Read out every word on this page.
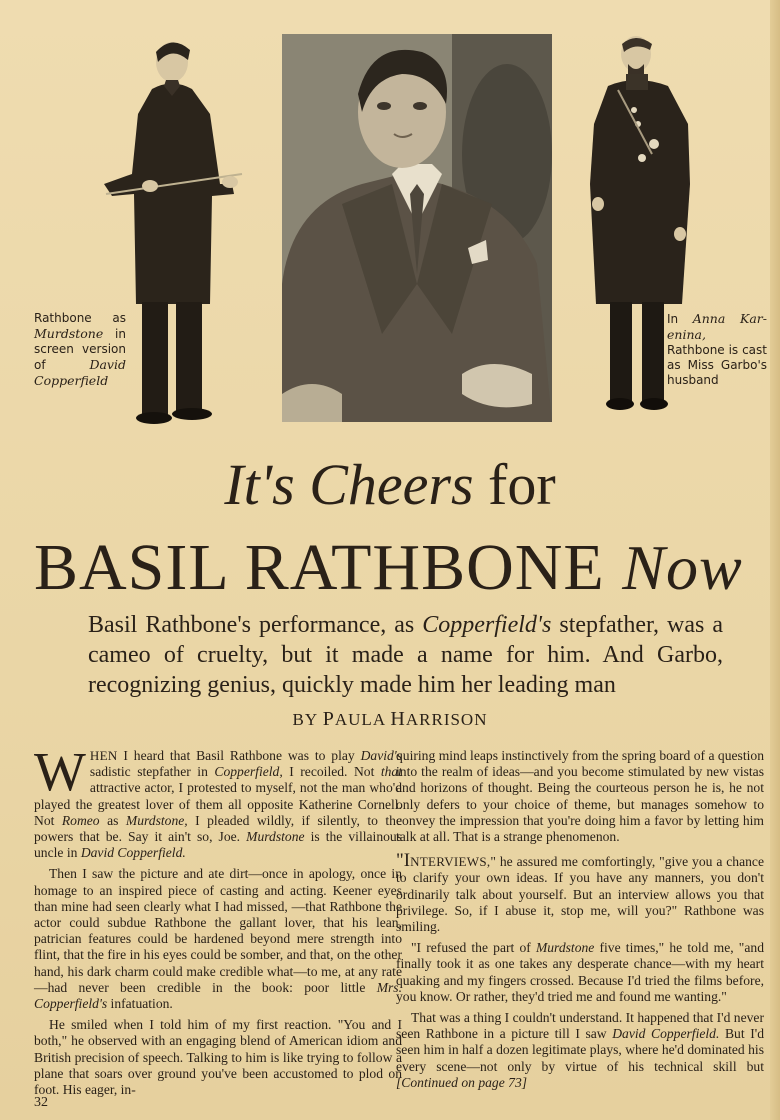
Rathbone as Murdstone in screen version of	David Copperfield
In Anna Kar-enina, Rathbone is cast as Miss Garbo's husband
It's Cheers for
BASIL RATHBONE Now
Basil Rathbone's performance, as Copperfield's stepfather, was a cameo of cruelty, but it made a name for him. And Garbo, recognizing genius, quickly made him her leading man
BY PAULA HARRISON

WHEN I heard that Basil Rathbone was to play David's sadistic stepfather in Copperfield, I recoiled. Not that attractive actor, I protested to myself, not the man who'd played the greatest lover of them all opposite Katherine Cornell. Not Romeo as Murdstone, I pleaded wildly, if silently, to the powers that be. Say it ain't so, Joe. Murdstone is the villainous uncle in David Copperfield.

Then I saw the picture and ate dirt—once in apology, once in homage to an inspired piece of casting and acting. Keener eyes than mine had seen clearly what I had missed, —that Rathbone the actor could subdue Rathbone the gallant lover, that his lean, patrician features could be hardened beyond mere strength into flint, that the fire in his eyes could be somber, and that, on the other hand, his dark charm could make credible what—to me, at any rate—had never been credible in the book: poor little Mrs. Copperfield's infatuation.

He smiled when I told him of my first reaction. "You and I both," he observed with an engaging blend of American idiom and British precision of speech. Talking to him is like trying to follow a plane that soars over ground you've been accustomed to plod on foot. His eager, in-

quiring mind leaps instinctively from the spring board of a question into the realm of ideas—and you become stimulated by new vistas and horizons of thought. Being the courteous person he is, he not only defers to your choice of theme, but manages somehow to convey the impression that you're doing him a favor by letting him talk at all. That is a strange phenomenon.

"INTERVIEWS," he assured me comfortingly, "give you a chance to clarify your own ideas. If you have any manners, you don't ordinarily talk about yourself. But an interview allows you that privilege. So, if I abuse it, stop me, will you?" Rathbone was smiling.

"I refused the part of Murdstone five times," he told me, "and finally took it as one takes any desperate chance—with my heart quaking and my fingers crossed. Because I'd tried the films before, you know. Or rather, they'd tried me and found me wanting."

That was a thing I couldn't understand. It happened that I'd never seen Rathbone in a picture till I saw David Copperfield. But I'd seen him in half a dozen legitimate plays, where he'd dominated his every scene—not only by virtue of his technical skill but [Continued on page 73]

32
